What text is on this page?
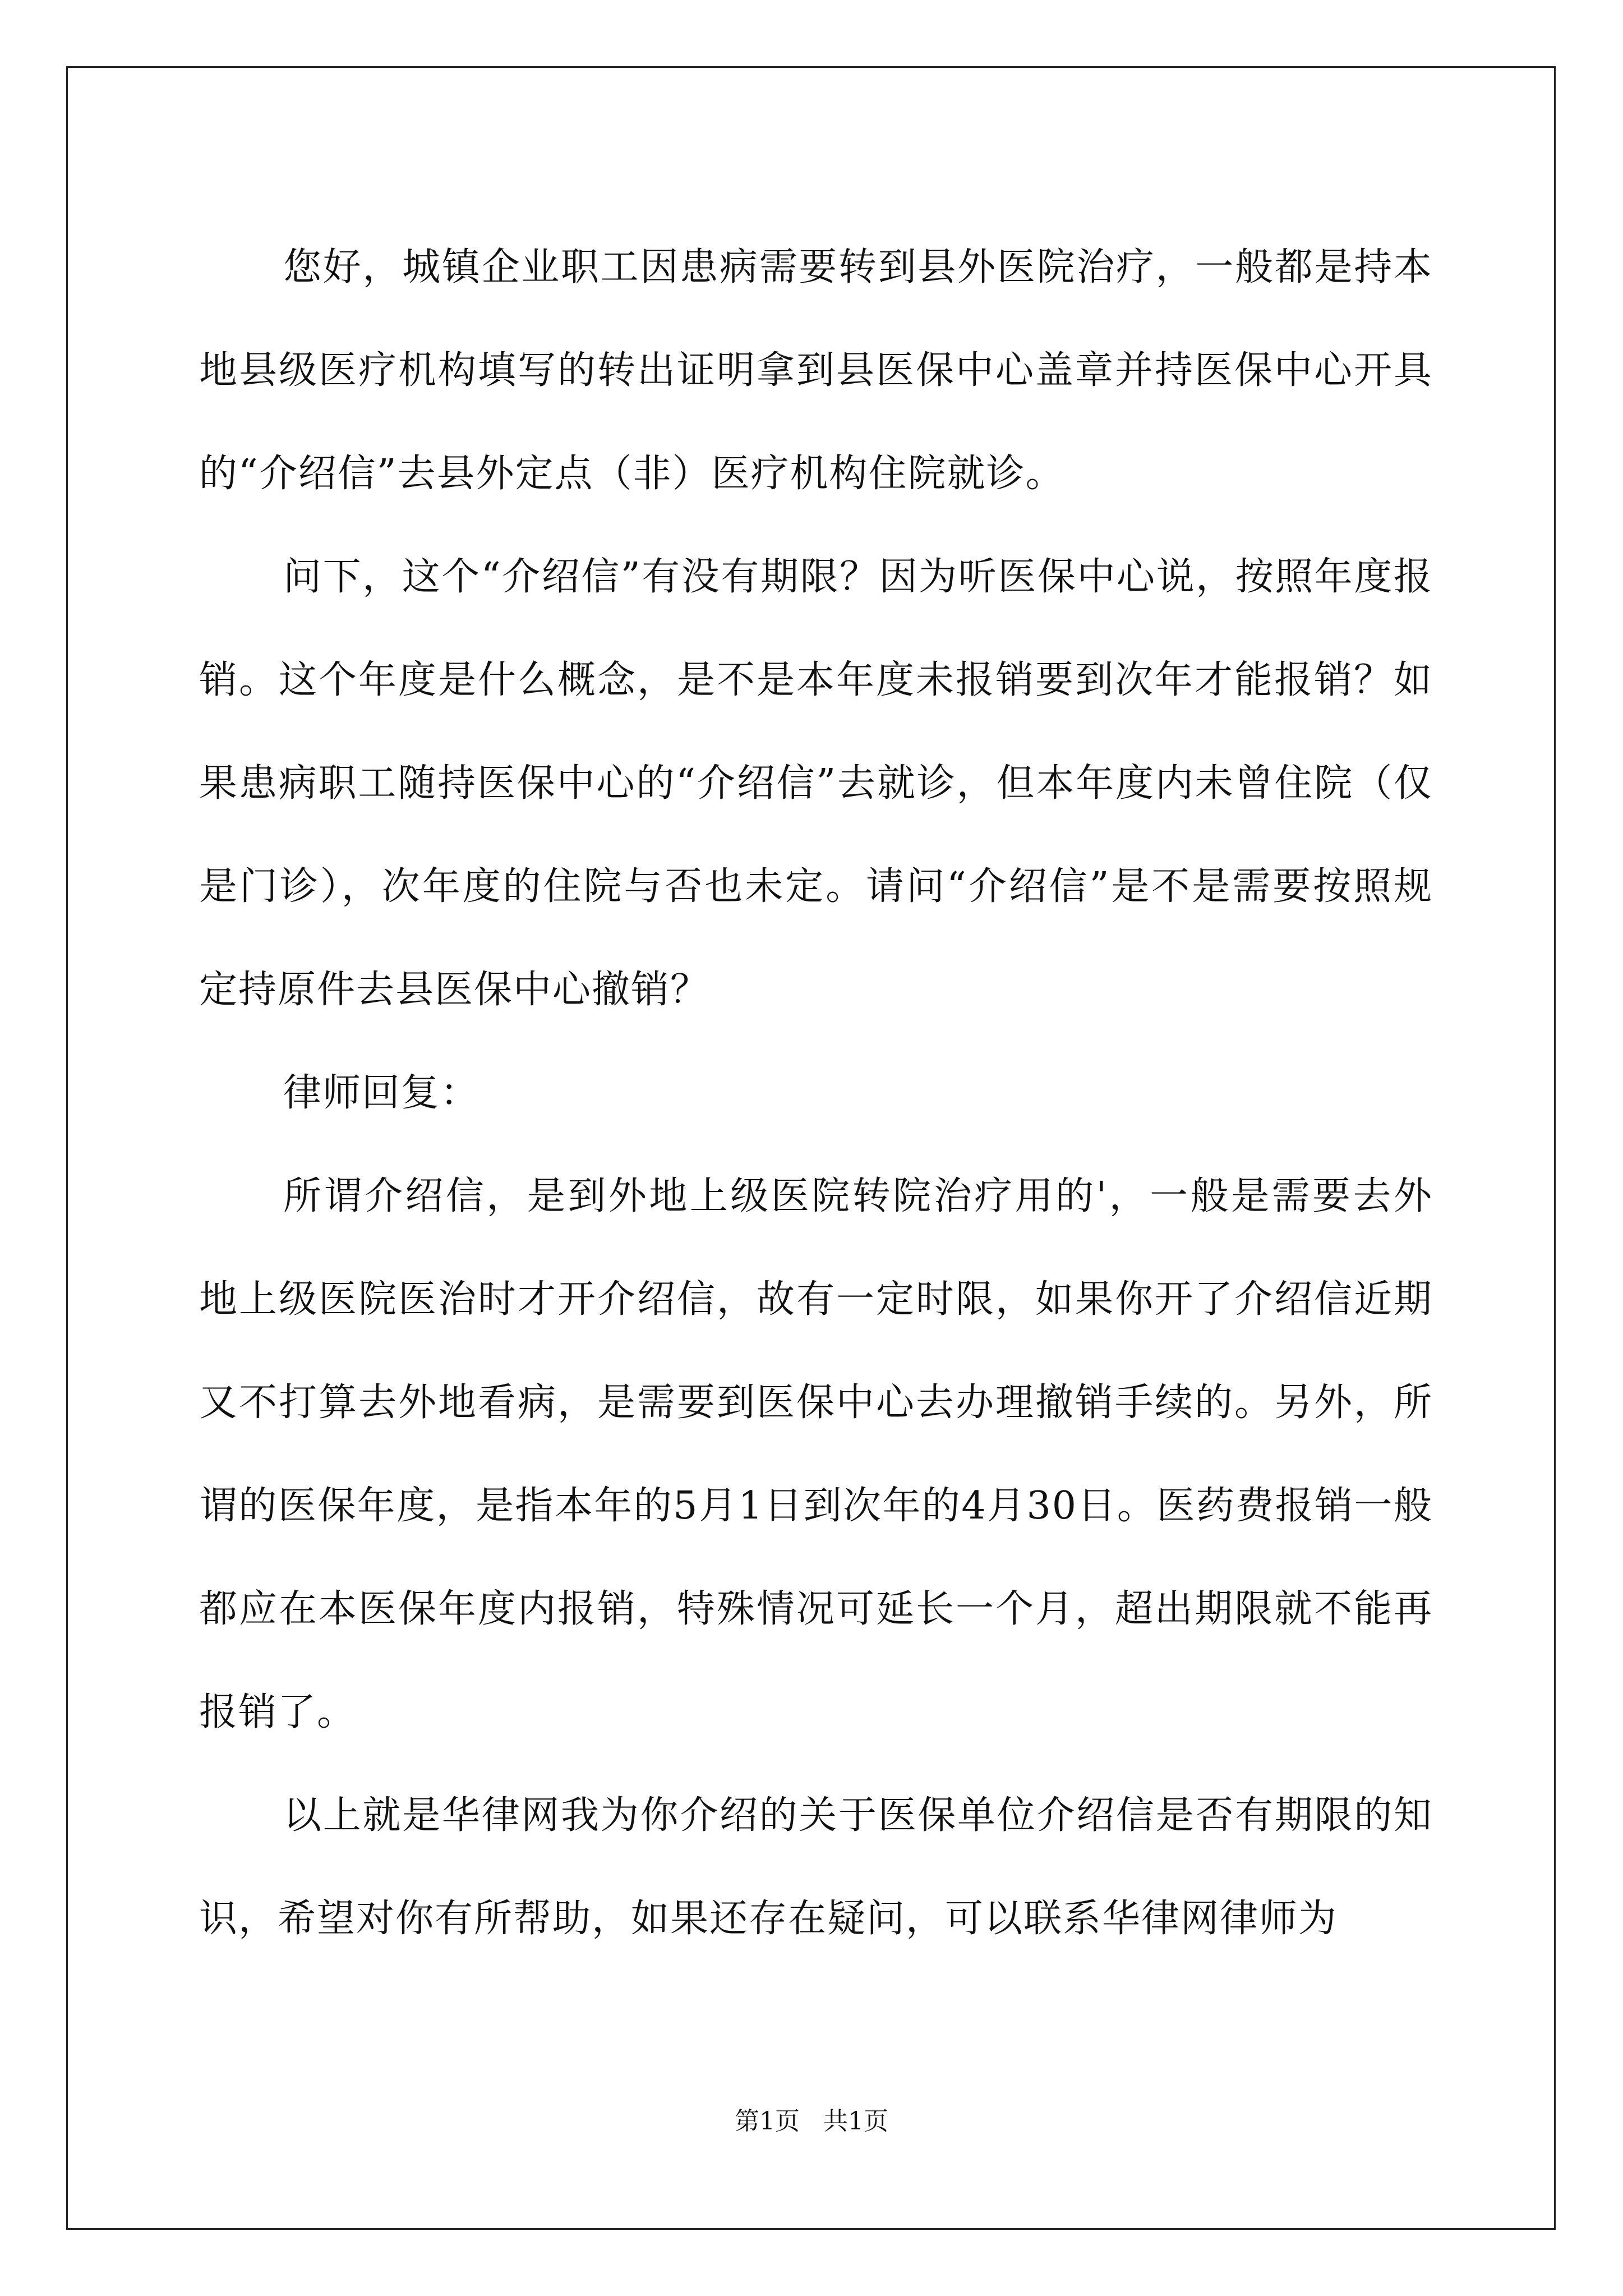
您好，城镇企业职工因患病需要转到县外医院治疗，一般都是持本地县级医疗机构填写的转出证明拿到县医保中心盖章并持医保中心开具的“介绍信”去县外定点（非）医疗机构住院就诊。

问下，这个“介绍信”有没有期限？因为听医保中心说，按照年度报销。这个年度是什么概念，是不是本年度未报销要到次年才能报销？如果患病职工随持医保中心的“介绍信”去就诊，但本年度内未曾住院（仅是门诊），次年度的住院与否也未定。请问“介绍信”是不是需要按照规定持原件去县医保中心撤销？

律师回复：

所谓介绍信，是到外地上级医院转院治疗用的'，一般是需要去外地上级医院医治时才开介绍信，故有一定时限，如果你开了介绍信近期又不打算去外地看病，是需要到医保中心去办理撤销手续的。另外，所谓的医保年度，是指本年的5月1日到次年的4月30日。医药费报销一般都应在本医保年度内报销，特殊情况可延长一个月，超出期限就不能再报销了。

以上就是华律网我为你介绍的关于医保单位介绍信是否有期限的知识，希望对你有所帮助，如果还存在疑问，可以联系华律网律师为

第1页   共1页
